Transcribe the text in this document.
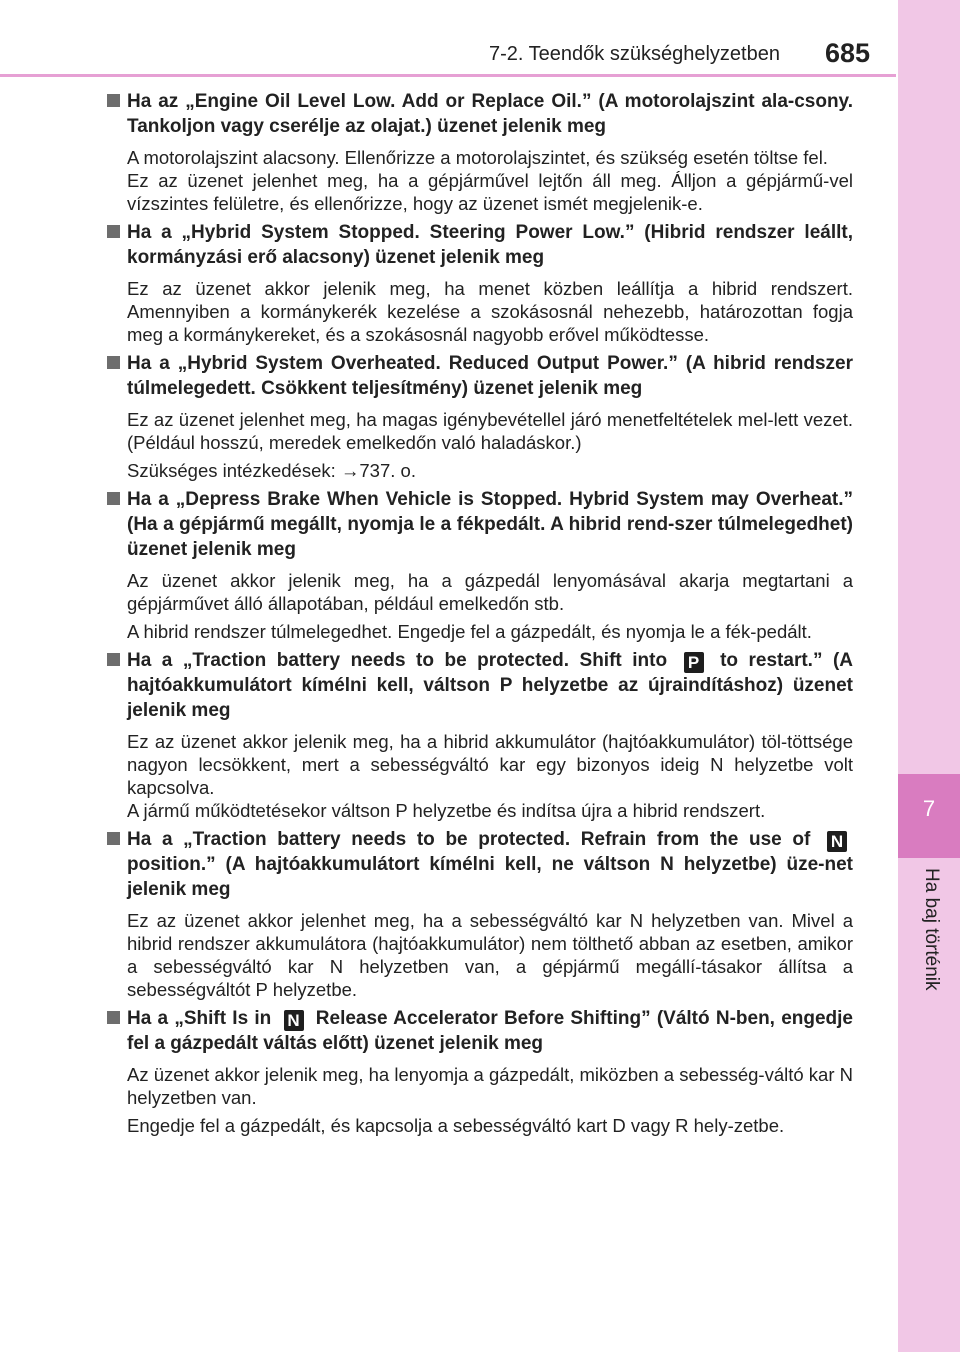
7-2. Teendők szükséghelyzetben 685
7
Ha baj történik
Ha az „Engine Oil Level Low. Add or Replace Oil.” (A motorolajszint ala-csony. Tankoljon vagy cserélje az olajat.) üzenet jelenik meg
A motorolajszint alacsony. Ellenőrizze a motorolajszintet, és szükség esetén töltse fel.
Ez az üzenet jelenhet meg, ha a gépjárművel lejtőn áll meg. Álljon a gépjármű-vel vízszintes felületre, és ellenőrizze, hogy az üzenet ismét megjelenik-e.
Ha a „Hybrid System Stopped. Steering Power Low.” (Hibrid rendszer leállt, kormányzási erő alacsony) üzenet jelenik meg
Ez az üzenet akkor jelenik meg, ha menet közben leállítja a hibrid rendszert. Amennyiben a kormánykerék kezelése a szokásosnál nehezebb, határozottan fogja meg a kormánykereket, és a szokásosnál nagyobb erővel működtesse.
Ha a „Hybrid System Overheated. Reduced Output Power.” (A hibrid rendszer túlmelegedett. Csökkent teljesítmény) üzenet jelenik meg
Ez az üzenet jelenhet meg, ha magas igénybevétellel járó menetfeltételek mel-lett vezet. (Például hosszú, meredek emelkedőn való haladáskor.)
Szükséges intézkedések: →737. o.
Ha a „Depress Brake When Vehicle is Stopped. Hybrid System may Overheat.” (Ha a gépjármű megállt, nyomja le a fékpedált. A hibrid rend-szer túlmelegedhet) üzenet jelenik meg
Az üzenet akkor jelenik meg, ha a gázpedál lenyomásával akarja megtartani a gépjárművet álló állapotában, például emelkedőn stb.
A hibrid rendszer túlmelegedhet. Engedje fel a gázpedált, és nyomja le a fék-pedált.
Ha a „Traction battery needs to be protected. Shift into P to restart.” (A hajtóakkumulátort kímélni kell, váltson P helyzetbe az újraindításhoz) üzenet jelenik meg
Ez az üzenet akkor jelenik meg, ha a hibrid akkumulátor (hajtóakkumulátor) töl-töttsége nagyon lecsökkent, mert a sebességváltó kar egy bizonyos ideig N helyzetbe volt kapcsolva.
A jármű működtetésekor váltson P helyzetbe és indítsa újra a hibrid rendszert.
Ha a „Traction battery needs to be protected. Refrain from the use of N position.” (A hajtóakkumulátort kímélni kell, ne váltson N helyzetbe) üze-net jelenik meg
Ez az üzenet akkor jelenhet meg, ha a sebességváltó kar N helyzetben van. Mivel a hibrid rendszer akkumulátora (hajtóakkumulátor) nem tölthető abban az esetben, amikor a sebességváltó kar N helyzetben van, a gépjármű megállí-tásakor állítsa a sebességváltót P helyzetbe.
Ha a „Shift Is in N Release Accelerator Before Shifting” (Váltó N-ben, engedje fel a gázpedált váltás előtt) üzenet jelenik meg
Az üzenet akkor jelenik meg, ha lenyomja a gázpedált, miközben a sebesség-váltó kar N helyzetben van.
Engedje fel a gázpedált, és kapcsolja a sebességváltó kart D vagy R hely-zetbe.
